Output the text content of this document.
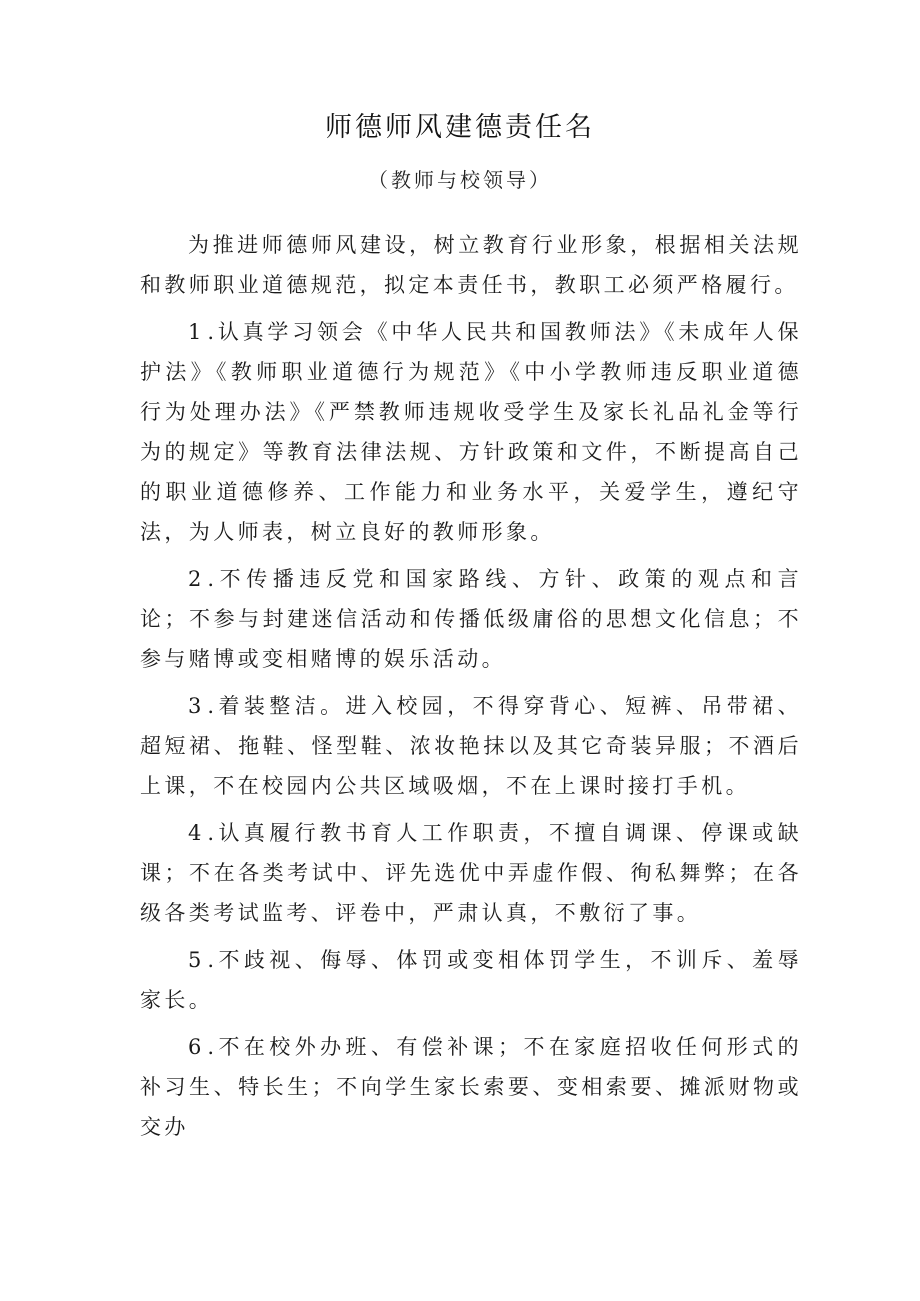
师德师风建德责任名
（教师与校领导）

为推进师德师风建设，树立教育行业形象，根据相关法规和教师职业道德规范，拟定本责任书，教职工必须严格履行。

1 .认真学习领会《中华人民共和国教师法》《未成年人保护法》《教师职业道德行为规范》《中小学教师违反职业道德行为处理办法》《严禁教师违规收受学生及家长礼品礼金等行为的规定》等教育法律法规、方针政策和文件，不断提高自己的职业道德修养、工作能力和业务水平，关爱学生，遵纪守法，为人师表，树立良好的教师形象。

2 .不传播违反党和国家路线、方针、政策的观点和言论；不参与封建迷信活动和传播低级庸俗的思想文化信息；不参与赌博或变相赌博的娱乐活动。

3 .着装整洁。进入校园，不得穿背心、短裤、吊带裙、超短裙、拖鞋、怪型鞋、浓妆艳抹以及其它奇装异服；不酒后上课，不在校园内公共区域吸烟，不在上课时接打手机。

4 .认真履行教书育人工作职责，不擅自调课、停课或缺课；不在各类考试中、评先选优中弄虚作假、徇私舞弊；在各级各类考试监考、评卷中，严肃认真，不敷衍了事。

5 .不歧视、侮辱、体罚或变相体罚学生，不训斥、羞辱家长。

6 .不在校外办班、有偿补课；不在家庭招收任何形式的补习生、特长生；不向学生家长索要、变相索要、摊派财物或交办
